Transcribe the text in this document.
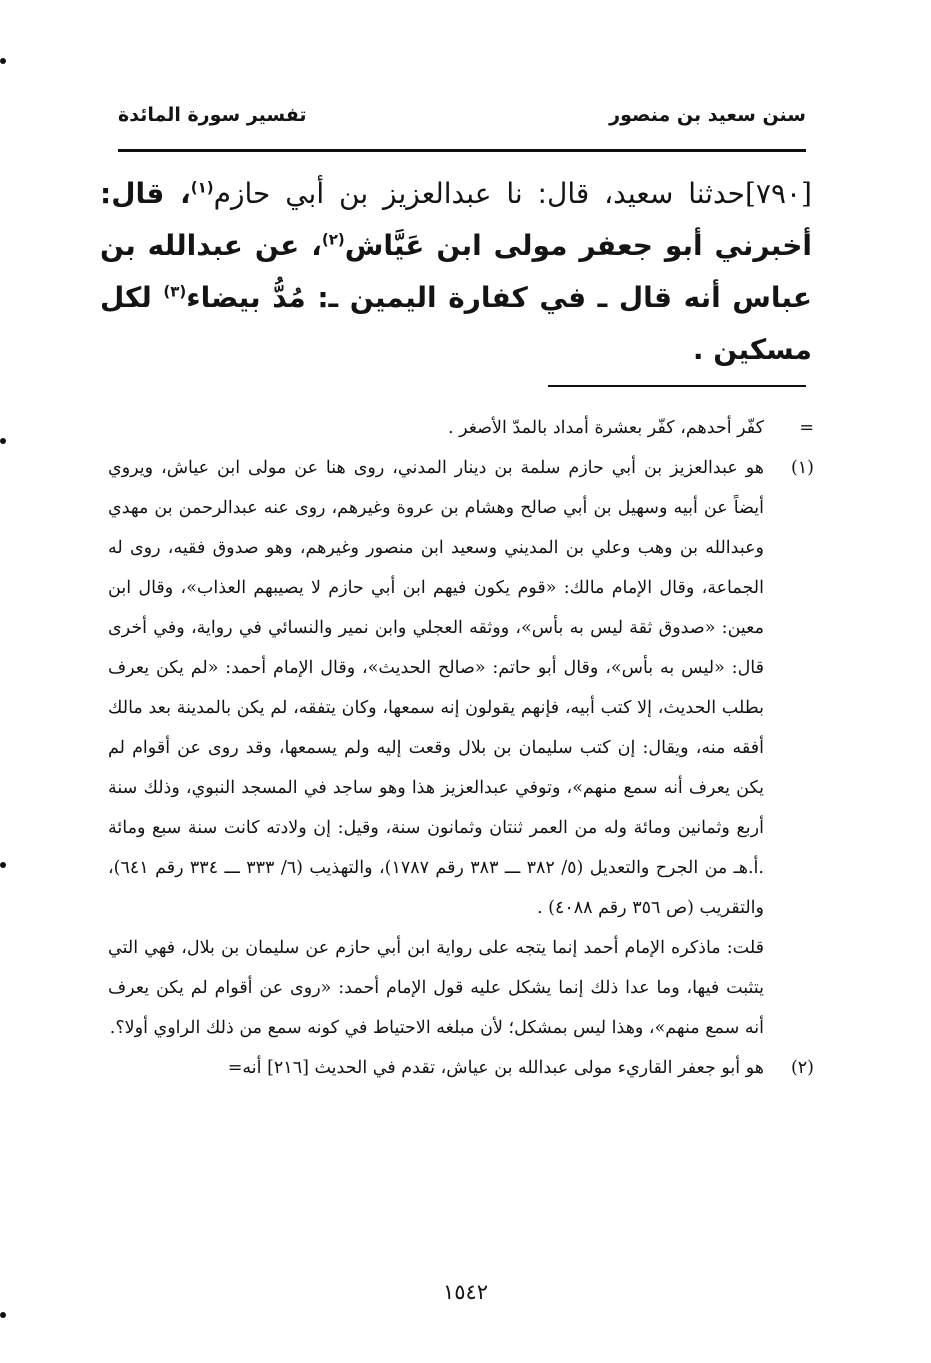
سنن سعيد بن منصور
تفسير سورة المائدة
[٧٩٠]حدثنا سعيد، قال: نا عبدالعزيز بن أبي حازم$^{(١)}$، قال: أخبرني أبو جعفر مولى ابن عَيَّاش$^{(٢)}$، عن عبدالله بن عباس أنه قال ـ في كفارة اليمين ـ: مُدُّ بيضاء$^{(٣)}$ لكل مسكين .
=
كفّر أحدهم، كفّر بعشرة أمداد بالمدّ الأصغر .
(١)
هو عبدالعزيز بن أبي حازم سلمة بن دينار المدني، روى هنا عن مولى ابن عياش، ويروي أيضاً عن أبيه وسهيل بن أبي صالح وهشام بن عروة وغيرهم، روى عنه عبدالرحمن بن مهدي وعبدالله بن وهب وعلي بن المديني وسعيد ابن منصور وغيرهم، وهو صدوق فقيه، روى له الجماعة، وقال الإمام مالك: «قوم يكون فيهم ابن أبي حازم لا يصيبهم العذاب»، وقال ابن معين: «صدوق ثقة ليس به بأس»، ووثقه العجلي وابن نمير والنسائي في رواية، وفي أخرى قال: «ليس به بأس»، وقال أبو حاتم: «صالح الحديث»، وقال الإمام أحمد: «لم يكن يعرف بطلب الحديث، إلا كتب أبيه، فإنهم يقولون إنه سمعها، وكان يتفقه، لم يكن بالمدينة بعد مالك أفقه منه، ويقال: إن كتب سليمان بن بلال وقعت إليه ولم يسمعها، وقد روى عن أقوام لم يكن يعرف أنه سمع منهم»، وتوفي عبدالعزيز هذا وهو ساجد في المسجد النبوي، وذلك سنة أربع وثمانين ومائة وله من العمر ثنتان وثمانون سنة، وقيل: إن ولادته كانت سنة سبع ومائة .أ.هـ من الجرح والتعديل (٥/ ٣٨٢ ـــ ٣٨٣ رقم ١٧٨٧)، والتهذيب (٦/ ٣٣٣ ـــ ٣٣٤ رقم ٦٤١)، والتقريب (ص ٣٥٦ رقم ٤٠٨٨) .
قلت: ماذكره الإمام أحمد إنما يتجه على رواية ابن أبي حازم عن سليمان بن بلال، فهي التي يتثبت فيها، وما عدا ذلك إنما يشكل عليه قول الإمام أحمد: «روى عن أقوام لم يكن يعرف أنه سمع منهم»، وهذا ليس بمشكل؛ لأن مبلغه الاحتياط في كونه سمع من ذلك الراوي أولا؟.
(٢)
هو أبو جعفر القاريء مولى عبدالله بن عياش، تقدم في الحديث [٢١٦] أنه=
١٥٤٢
